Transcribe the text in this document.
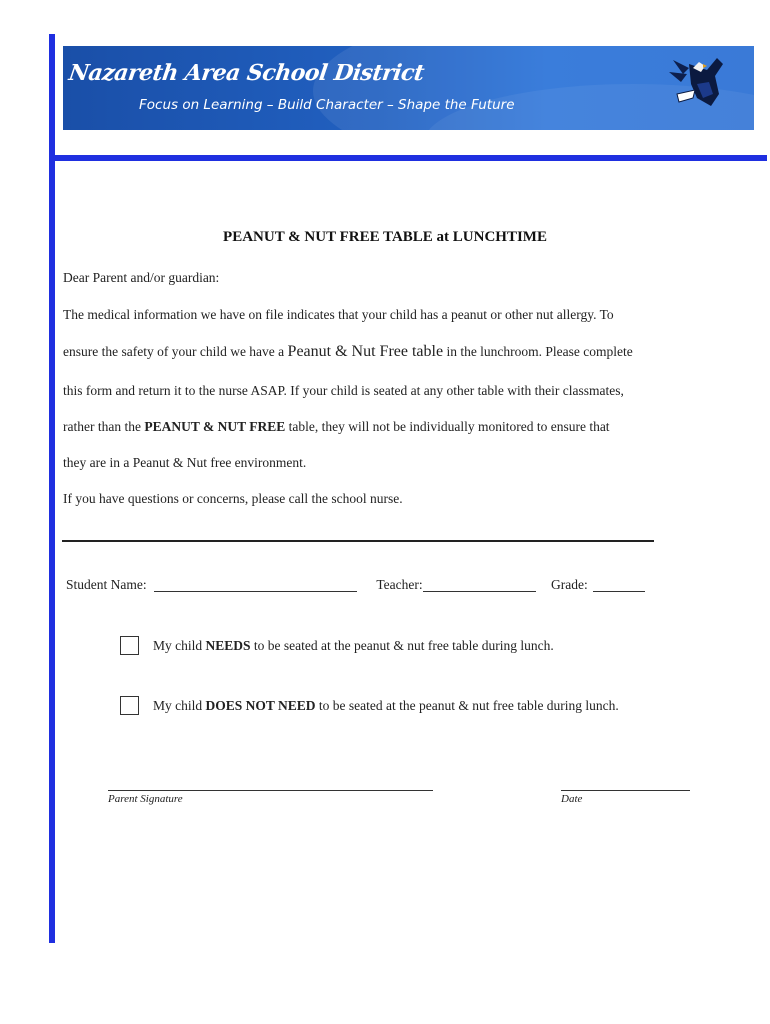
Nazareth Area School District

Focus on Learning – Build Character – Shape the Future

PEANUT & NUT FREE TABLE at LUNCHTIME

Dear Parent and/or guardian:

The medical information we have on file indicates that your child has a peanut or other nut allergy. To

ensure the safety of your child we have a Peanut & Nut Free table in the lunchroom. Please complete

this form and return it to the nurse ASAP. If your child is seated at any other table with their classmates,

rather than the PEANUT & NUT FREE table, they will not be individually monitored to ensure that

they are in a Peanut & Nut free environment.

If you have questions or concerns, please call the school nurse.

Student Name:	Teacher:	Grade:
My child NEEDS to be seated at the peanut & nut free table during lunch.
My child DOES NOT NEED to be seated at the peanut & nut free table during lunch.

Parent Signature	Date
